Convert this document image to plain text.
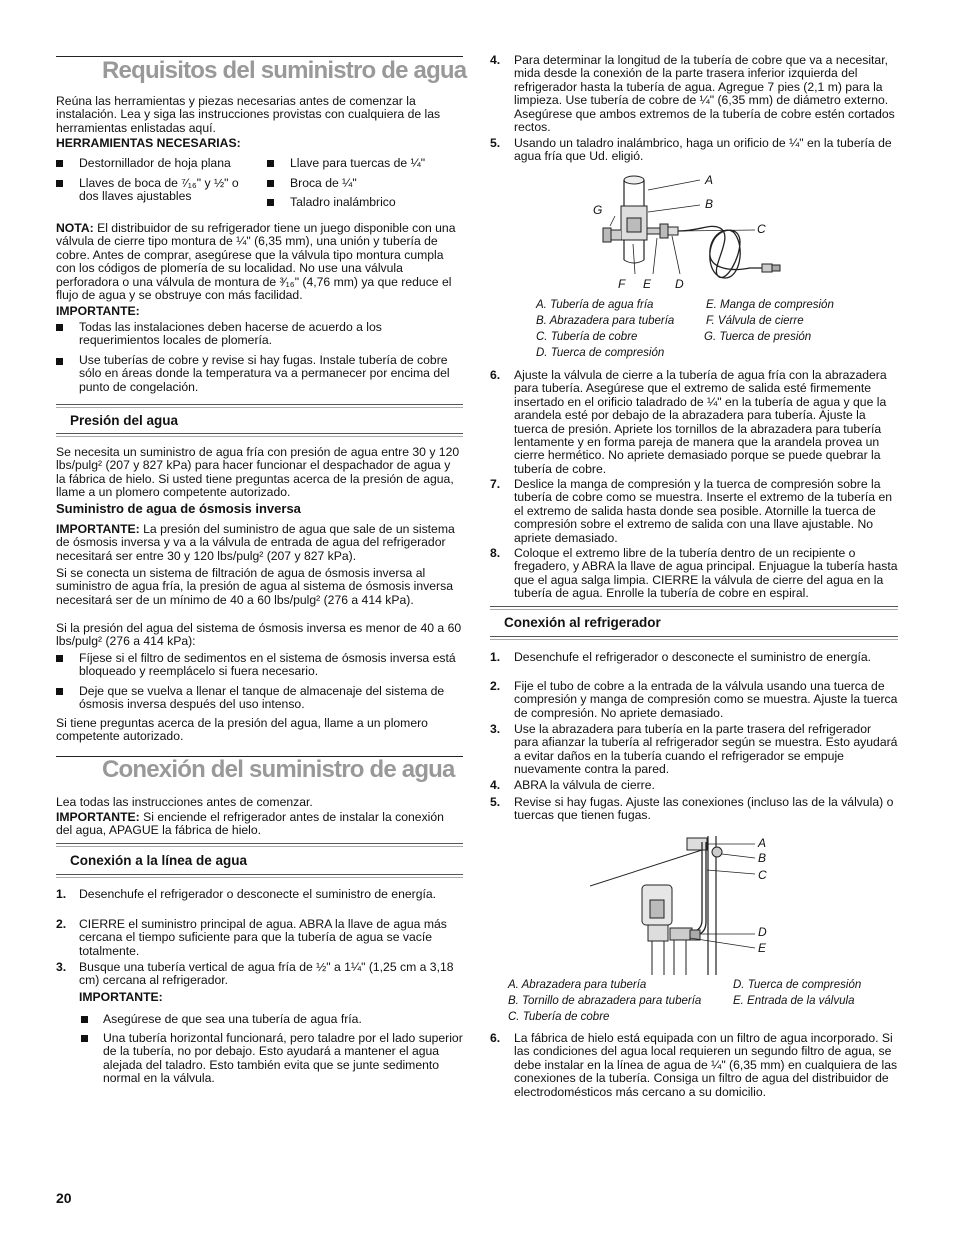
Requisitos del suministro de agua

Reúna las herramientas y piezas necesarias antes de comenzar la instalación. Lea y siga las instrucciones provistas con cualquiera de las herramientas enlistadas aquí.

HERRAMIENTAS NECESARIAS:

Destornillador de hoja plana
Llaves de boca de ⁷⁄₁₆" y ½" o dos llaves ajustables
Llave para tuercas de ¼"
Broca de ¼"
Taladro inalámbrico

NOTA: El distribuidor de su refrigerador tiene un juego disponible con una válvula de cierre tipo montura de ¼" (6,35 mm), una unión y tubería de cobre. Antes de comprar, asegúrese que la válvula tipo montura cumpla con los códigos de plomería de su localidad. No use una válvula perforadora o una válvula de montura de ³⁄₁₆" (4,76 mm) ya que reduce el flujo de agua y se obstruye con más facilidad.

IMPORTANTE:

Todas las instalaciones deben hacerse de acuerdo a los requerimientos locales de plomería.
Use tuberías de cobre y revise si hay fugas. Instale tubería de cobre sólo en áreas donde la temperatura va a permanecer por encima del punto de congelación.
Presión del agua

Se necesita un suministro de agua fría con presión de agua entre 30 y 120 lbs/pulg² (207 y 827 kPa) para hacer funcionar el despachador de agua y la fábrica de hielo. Si usted tiene preguntas acerca de la presión de agua, llame a un plomero competente autorizado.

Suministro de agua de ósmosis inversa

IMPORTANTE: La presión del suministro de agua que sale de un sistema de ósmosis inversa y va a la válvula de entrada de agua del refrigerador necesitará ser entre 30 y 120 lbs/pulg² (207 y 827 kPa).

Si se conecta un sistema de filtración de agua de ósmosis inversa al suministro de agua fría, la presión de agua al sistema de ósmosis inversa necesitará ser de un mínimo de 40 a 60 lbs/pulg² (276 a 414 kPa).

Si la presión del agua del sistema de ósmosis inversa es menor de 40 a 60 lbs/pulg² (276 a 414 kPa):

Fíjese si el filtro de sedimentos en el sistema de ósmosis inversa está bloqueado y reemplácelo si fuera necesario.
Deje que se vuelva a llenar el tanque de almacenaje del sistema de ósmosis inversa después del uso intenso.

Si tiene preguntas acerca de la presión del agua, llame a un plomero competente autorizado.

Conexión del suministro de agua

Lea todas las instrucciones antes de comenzar.

IMPORTANTE: Si enciende el refrigerador antes de instalar la conexión del agua, APAGUE la fábrica de hielo.

Conexión a la línea de agua
1. Desenchufe el refrigerador o desconecte el suministro de energía.
2. CIERRE el suministro principal de agua. ABRA la llave de agua más cercana el tiempo suficiente para que la tubería de agua se vacíe totalmente.
3. Busque una tubería vertical de agua fría de ½" a 1¼" (1,25 cm a 3,18 cm) cercana al refrigerador.
IMPORTANTE:
Asegúrese de que sea una tubería de agua fría.
Una tubería horizontal funcionará, pero taladre por el lado superior de la tubería, no por debajo. Esto ayudará a mantener el agua alejada del taladro. Esto también evita que se junte sedimento normal en la válvula.
20
4. Para determinar la longitud de la tubería de cobre que va a necesitar, mida desde la conexión de la parte trasera inferior izquierda del refrigerador hasta la tubería de agua. Agregue 7 pies (2,1 m) para la limpieza. Use tubería de cobre de ¼" (6,35 mm) de diámetro externo. Asegúrese que ambos extremos de la tubería de cobre estén cortados rectos.
5. Usando un taladro inalámbrico, haga un orificio de ¼" en la tubería de agua fría que Ud. eligió.
A
B
C
D
E
F
G
A. Tubería de agua fría
B. Abrazadera para tubería
C. Tubería de cobre
D. Tuerca de compresión
E. Manga de compresión
F. Válvula de cierre
G. Tuerca de presión
6. Ajuste la válvula de cierre a la tubería de agua fría con la abrazadera para tubería. Asegúrese que el extremo de salida esté firmemente insertado en el orificio taladrado de ¼" en la tubería de agua y que la arandela esté por debajo de la abrazadera para tubería. Ajuste la tuerca de presión. Apriete los tornillos de la abrazadera para tubería lentamente y en forma pareja de manera que la arandela provea un cierre hermético. No apriete demasiado porque se puede quebrar la tubería de cobre.
7. Deslice la manga de compresión y la tuerca de compresión sobre la tubería de cobre como se muestra. Inserte el extremo de la tubería en el extremo de salida hasta donde sea posible. Atornille la tuerca de compresión sobre el extremo de salida con una llave ajustable. No apriete demasiado.
8. Coloque el extremo libre de la tubería dentro de un recipiente o fregadero, y ABRA la llave de agua principal. Enjuague la tubería hasta que el agua salga limpia. CIERRE la válvula de cierre del agua en la tubería de agua. Enrolle la tubería de cobre en espiral.
Conexión al refrigerador
1. Desenchufe el refrigerador o desconecte el suministro de energía.
2. Fije el tubo de cobre a la entrada de la válvula usando una tuerca de compresión y manga de compresión como se muestra. Ajuste la tuerca de compresión. No apriete demasiado.
3. Use la abrazadera para tubería en la parte trasera del refrigerador para afianzar la tubería al refrigerador según se muestra. Esto ayudará a evitar daños en la tubería cuando el refrigerador se empuje nuevamente contra la pared.
4. ABRA la válvula de cierre.
5. Revise si hay fugas. Ajuste las conexiones (incluso las de la válvula) o tuercas que tienen fugas.
A
B
C
D
E
A. Abrazadera para tubería
B. Tornillo de abrazadera para tubería
C. Tubería de cobre
D. Tuerca de compresión
E. Entrada de la válvula
6. La fábrica de hielo está equipada con un filtro de agua incorporado. Si las condiciones del agua local requieren un segundo filtro de agua, se debe instalar en la línea de agua de ¼" (6,35 mm) en cualquiera de las conexiones de la tubería. Consiga un filtro de agua del distribuidor de electrodomésticos más cercano a su domicilio.
